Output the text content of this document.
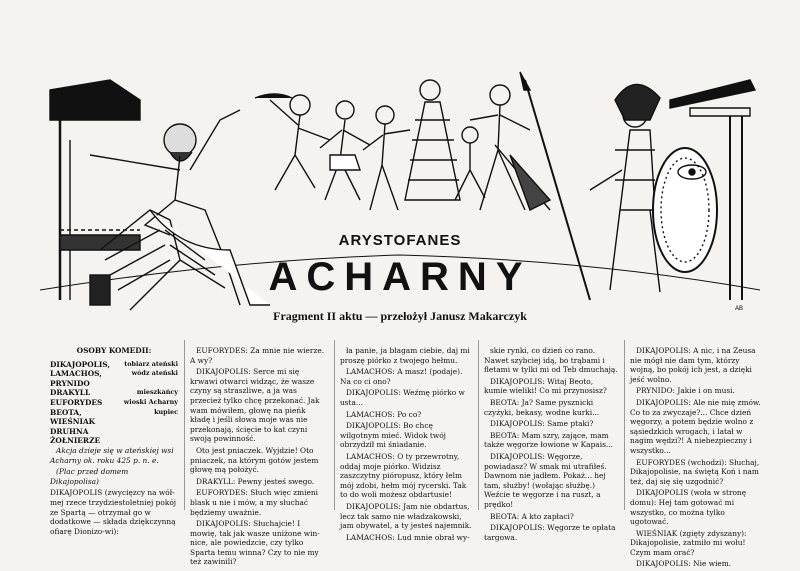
AB
ARYSTOFANES
ACHARNY
Fragment II aktu — przełożył Janusz Makarczyk
OSOBY KOMEDII:
DIKAJOPOLIS,	tobiarz ateński
LAMACHOS,	wódz ateński
PRYNIDO
DRAKYLL	mieszkańcy
EUFORYDES	wioski Acharny
BEOTA,	kupiec
WIEŚNIAK
DRUHNA
ŻOŁNIERZE

Akcja dzieje się w ateńskiej wsi Acharny ok. roku 425 p. n. e.

(Plac przed domem Dikajopolisa)

DIKAJOPOLIS (zwycięzcy na wół-mej rzece trzydziestoletniej pokój ze Spartą — otrzymał go w dodatkowe — składa dziękczynną ofiarę Dionizo-wi):

EUFORYDES: Za mnie nie wierze. A wy?

DIKAJOPOLIS: Serce mi się krwawi otwarci widząc, że wasze czyny są straszliwe, a ja was przecież tylko chcę przekonać. Jak wam mówiłem, głowę na pieńk kładę i jeśli słowa moje was nie przekonają, ścięcie to kat czyni swoją powinność.

Oto jest pniaczek. Wyjdzie! Oto pniaczek, na którym gotów jestem głowę mą położyć.

DRAKYLL: Pewny jesteś swego.

EUFORYDES: Słuch więc zmieni blask u nie i mów, a my słuchać będziemy uważnie.

DIKAJOPOLIS: Słuchajcie! I mowię, tak jak wasze uniżone win-nice, ale powiedzcie, czy tylko Sparta temu winna? Czy to nie my też zawinili?

ła panie, ja błagam ciebie, daj mi proszę piórko z twojego hełmu.

LAMACHOS: A masz! (podaje). Na co ci ono?

DIKAJOPOLIS: Weźmę piórko w usta...

LAMACHOS: Po co?

DIKAJOPOLIS: Bo chcę wilgotnym mieć. Widok twój obrzydził mi śniadanie.

LAMACHOS: O ty przewrotny, oddaj moje piórko. Widzisz zaszczytny pióropusz, który łelm mój zdobi, hełm mój rycerski. Tak to do woli możesz obdartusie!

DIKAJOPOLIS: Jam nie obdartus, lecz tak samo nie władzakowski, jam obywatel, a ty jesteś najemnik.

LAMACHOS: Lud mnie obrał wy-

skie rynki, co dzień co rano. Nawet szybciej idą, bo trąbami i fletami w tylki mi od Teb dmuchają.

DIKAJOPOLIS: Witaj Beoto, kumie wieliki! Co mi przynosisz?

BEOTA: Ja? Same pysznicki czyżyki, bekasy, wodne kurki...

DIKAJOPOLIS: Same ptaki?

BEOTA: Mam szry, zające, mam także węgorze łowione w Kapais...

DIKAJOPOLIS: Węgorze, powiadasz? W smak mi utrafiłeś. Dawnom nie jadłem. Pokaż... hej tam, służby! (wołając służbę.) Weźcie te węgorze i na ruszt, a prędko!

BEOTA: A kto zapłaci?

DIKAJOPOLIS: Węgorze te opłata targowa.

DIKAJOPOLIS: A nic, i na Zeusa nie mógł nie dam tym, którzy wojną, bo pokój ich jest, a dzięki jeść wolno.

PRYNIDO: Jakie i on musi.

DIKAJOPOLIS: Ale nie mię zmów. Co to za zwyczaje?... Chce dzień węgorzy, a potem będzie wolno z sąsiedzkich wrogach, i latał w nagim wędzi?! A niebezpieczny i wszystko...

EUFORYDES (wchodzi): Słuchaj, Dikajopolisie, na świętą Koń i nam też, daj się się uzgodnić?

DIKAJOPOLIS (woła w stronę domu): Hej tam gotować mi wszystko, co można tylko ugotować.

WIEŚNIAK (zgięty zdyszany): Dikajopolisie, zatmiło mi wołu! Czym mam orać?

DIKAJOPOLIS: Nie wiem.
